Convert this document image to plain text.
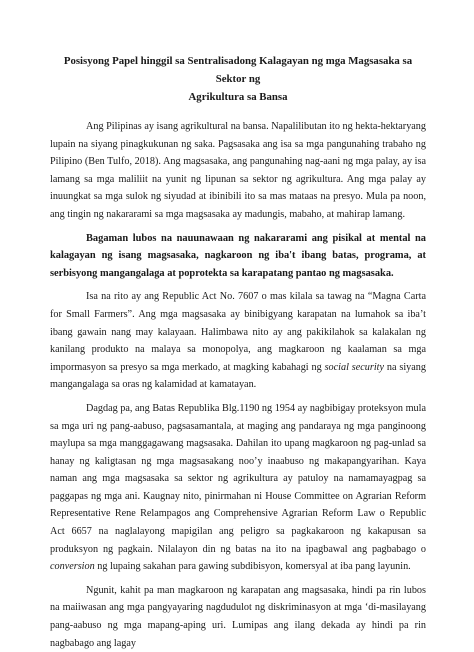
Posisyong Papel hinggil sa Sentralisadong Kalagayan ng mga Magsasaka sa Sektor ng
Agrikultura sa Bansa

Ang Pilipinas ay isang agrikultural na bansa. Napalilibutan ito ng hekta-hektaryang lupain na siyang pinagkukunan ng saka. Pagsasaka ang isa sa mga pangunahing trabaho ng Pilipino (Ben Tulfo, 2018). Ang magsasaka, ang pangunahing nag-aani ng mga palay, ay isa lamang sa mga maliliit na yunit ng lipunan sa sektor ng agrikultura. Ang mga palay ay inuungkat sa mga sulok ng siyudad at ibinibili ito sa mas mataas na presyo. Mula pa noon, ang tingin ng nakararami sa mga magsasaka ay madungis, mabaho, at mahirap lamang.

Bagaman lubos na nauunawaan ng nakararami ang pisikal at mental na kalagayan ng isang magsasaka, nagkaroon ng iba't ibang batas, programa, at serbisyong mangangalaga at poprotekta sa karapatang pantao ng magsasaka.

Isa na rito ay ang Republic Act No. 7607 o mas kilala sa tawag na “Magna Carta for Small Farmers”. Ang mga magsasaka ay binibigyang karapatan na lumahok sa iba’t ibang gawain nang may kalayaan. Halimbawa nito ay ang pakikilahok sa kalakalan ng kanilang produkto na malaya sa monopolya, ang magkaroon ng kaalaman sa mga impormasyon sa presyo sa mga merkado, at magking kabahagi ng social security na siyang mangangalaga sa oras ng kalamidad at kamatayan.

Dagdag pa, ang Batas Republika Blg.1190 ng 1954 ay nagbibigay proteksyon mula sa mga uri ng pang-aabuso, pagsasamantala, at maging ang pandaraya ng mga panginoong maylupa sa mga manggagawang magsasaka. Dahilan ito upang magkaroon ng pag-unlad sa hanay ng kaligtasan ng mga magsasakang noo’y inaabuso ng makapangyarihan. Kaya naman ang mga magsasaka sa sektor ng agrikultura ay patuloy na namamayagpag sa paggapas ng mga ani. Kaugnay nito, pinirmahan ni House Committee on Agrarian Reform Representative Rene Relampagos ang Comprehensive Agrarian Reform Law o Republic Act 6657 na naglalayong mapigilan ang peligro sa pagkakaroon ng kakapusan sa produksyon ng pagkain. Nilalayon din ng batas na ito na ipagbawal ang pagbabago o conversion ng lupaing sakahan para gawing subdibisyon, komersyal at iba pang layunin.

Ngunit, kahit pa man magkaroon ng karapatan ang magsasaka, hindi pa rin lubos na maiiwasan ang mga pangyayaring nagdudulot ng diskriminasyon at mga ‘di-masilayang pang-aabuso ng mga mapang-aping uri. Lumipas ang ilang dekada ay hindi pa rin nagbabago ang lagay
